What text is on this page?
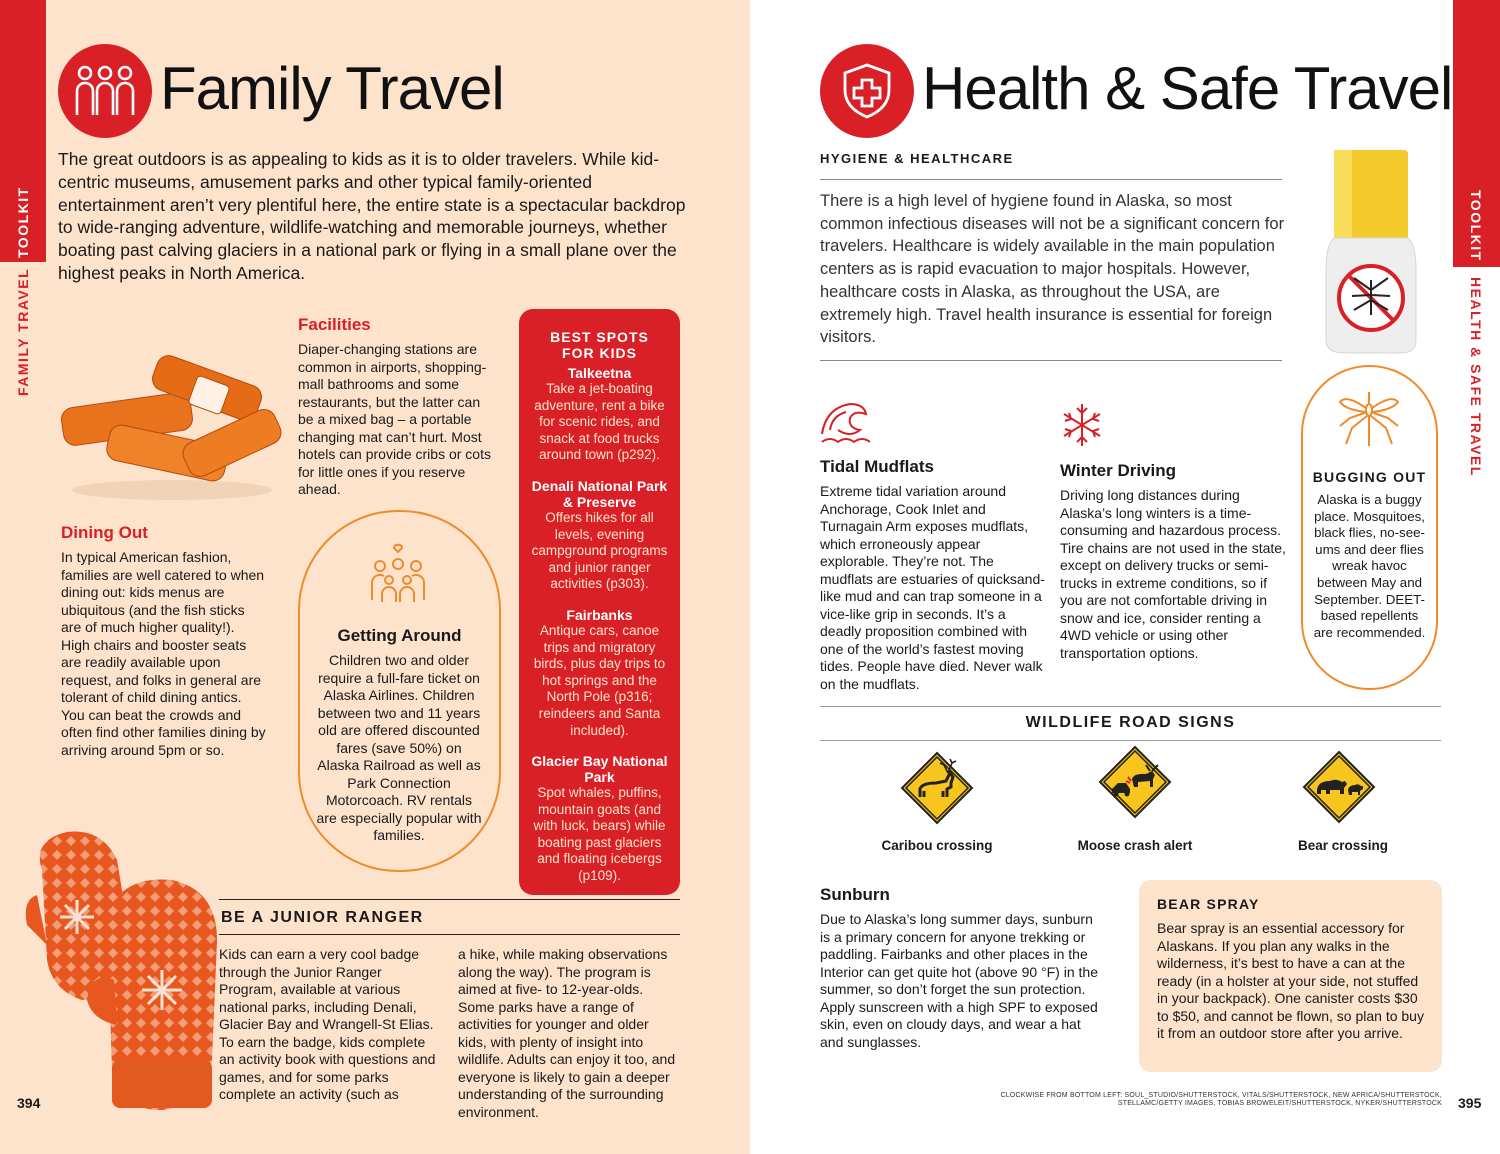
TOOLKIT
FAMILY TRAVEL
Family Travel

The great outdoors is as appealing to kids as it is to older travelers. While kid-centric museums, amusement parks and other typical family-oriented entertainment aren’t very plentiful here, the entire state is a spectacular backdrop to wide-ranging adventure, wildlife-watching and memorable journeys, whether boating past calving glaciers in a national park or flying in a small plane over the highest peaks in North America.

Facilities

Diaper-changing stations are common in airports, shopping-mall bathrooms and some restaurants, but the latter can be a mixed bag – a portable changing mat can’t hurt. Most hotels can provide cribs or cots for little ones if you reserve ahead.

Dining Out

In typical American fashion, families are well catered to when dining out: kids menus are ubiquitous (and the fish sticks are of much higher quality!). High chairs and booster seats are readily available upon request, and folks in general are tolerant of child dining antics. You can beat the crowds and often find other families dining by arriving around 5pm or so.

Getting Around

Children two and older require a full-fare ticket on Alaska Airlines. Children between two and 11 years old are offered discounted fares (save 50%) on Alaska Railroad as well as Park Connection Motorcoach. RV rentals are especially popular with families.

BEST SPOTS FOR KIDS
Talkeetna
Take a jet-boating adventure, rent a bike for scenic rides, and snack at food trucks around town (p292).
Denali National Park & Preserve
Offers hikes for all levels, evening campground programs and junior ranger activities (p303).
Fairbanks
Antique cars, canoe trips and migratory birds, plus day trips to hot springs and the North Pole (p316; reindeers and Santa included).
Glacier Bay National Park
Spot whales, puffins, mountain goats (and with luck, bears) while boating past glaciers and floating icebergs (p109).
BE A JUNIOR RANGER

Kids can earn a very cool badge through the Junior Ranger Program, available at various national parks, including Denali, Glacier Bay and Wrangell-St Elias. To earn the badge, kids complete an activity book with questions and games, and for some parks complete an activity (such as

a hike, while making observations along the way). The program is aimed at five- to 12-year-olds. Some parks have a range of activities for younger and older kids, with plenty of insight into wildlife. Adults can enjoy it too, and everyone is likely to gain a deeper understanding of the surrounding environment.

394
TOOLKIT
HEALTH & SAFE TRAVEL
Health & Safe Travel
HYGIENE & HEALTHCARE

There is a high level of hygiene found in Alaska, so most common infectious diseases will not be a significant concern for travelers. Healthcare is widely available in the main population centers as is rapid evacuation to major hospitals. However, healthcare costs in Alaska, as throughout the USA, are extremely high. Travel health insurance is essential for foreign visitors.

Tidal Mudflats

Extreme tidal variation around Anchorage, Cook Inlet and Turnagain Arm exposes mudflats, which erroneously appear explorable. They’re not. The mudflats are estuaries of quicksand-like mud and can trap someone in a vice-like grip in seconds. It’s a deadly proposition combined with one of the world’s fastest moving tides. People have died. Never walk on the mudflats.

Winter Driving

Driving long distances during Alaska’s long winters is a time-consuming and hazardous process. Tire chains are not used in the state, except on delivery trucks or semi-trucks in extreme conditions, so if you are not comfortable driving in snow and ice, consider renting a 4WD vehicle or using other transportation options.

BUGGING OUT

Alaska is a buggy place. Mosquitoes, black flies, no-see-ums and deer flies wreak havoc between May and September. DEET-based repellents are recommended.

WILDLIFE ROAD SIGNS
Caribou crossing	Moose crash alert	Bear crossing
Sunburn

Due to Alaska’s long summer days, sunburn is a primary concern for anyone trekking or paddling. Fairbanks and other places in the Interior can get quite hot (above 90 °F) in the summer, so don’t forget the sun protection. Apply sunscreen with a high SPF to exposed skin, even on cloudy days, and wear a hat and sunglasses.

BEAR SPRAY

Bear spray is an essential accessory for Alaskans. If you plan any walks in the wilderness, it’s best to have a can at the ready (in a holster at your side, not stuffed in your backpack). One canister costs $30 to $50, and cannot be flown, so plan to buy it from an outdoor store after you arrive.

CLOCKWISE FROM BOTTOM LEFT: SOUL_STUDIO/SHUTTERSTOCK, VITALS/SHUTTERSTOCK, NEW AFRICA/SHUTTERSTOCK,
STELLAMC/GETTY IMAGES, TOBIAS BROWELEIT/SHUTTERSTOCK, NYKER/SHUTTERSTOCK 395
